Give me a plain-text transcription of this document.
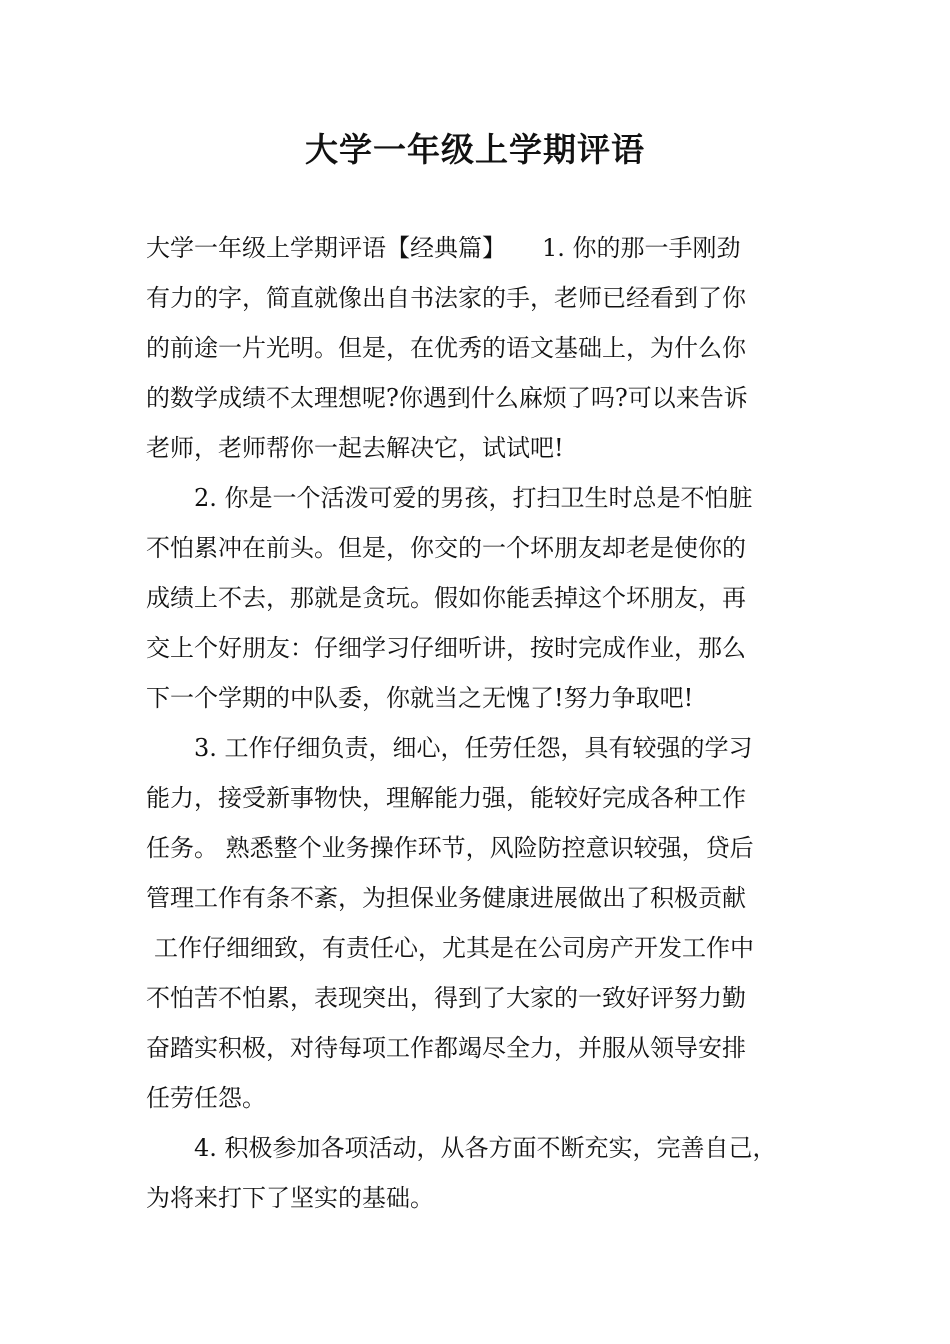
大学一年级上学期评语

大学一年级上学期评语【经典篇】　　1. 你的那一手刚劲

有力的字，简直就像出自书法家的手，老师已经看到了你

的前途一片光明。但是，在优秀的语文基础上，为什么你

的数学成绩不太理想呢?你遇到什么麻烦了吗?可以来告诉

老师，老师帮你一起去解决它，试试吧!

2. 你是一个活泼可爱的男孩，打扫卫生时总是不怕脏

不怕累冲在前头。但是，你交的一个坏朋友却老是使你的

成绩上不去，那就是贪玩。假如你能丢掉这个坏朋友，再

交上个好朋友：仔细学习仔细听讲，按时完成作业，那么

下一个学期的中队委，你就当之无愧了!努力争取吧!

3. 工作仔细负责，细心，任劳任怨，具有较强的学习

能力，接受新事物快，理解能力强，能较好完成各种工作

任务。 熟悉整个业务操作环节，风险防控意识较强，贷后

管理工作有条不紊，为担保业务健康进展做出了积极贡献

工作仔细细致，有责任心，尤其是在公司房产开发工作中

不怕苦不怕累，表现突出，得到了大家的一致好评努力勤

奋踏实积极，对待每项工作都竭尽全力，并服从领导安排

任劳任怨。

4. 积极参加各项活动，从各方面不断充实，完善自己，

为将来打下了坚实的基础。
